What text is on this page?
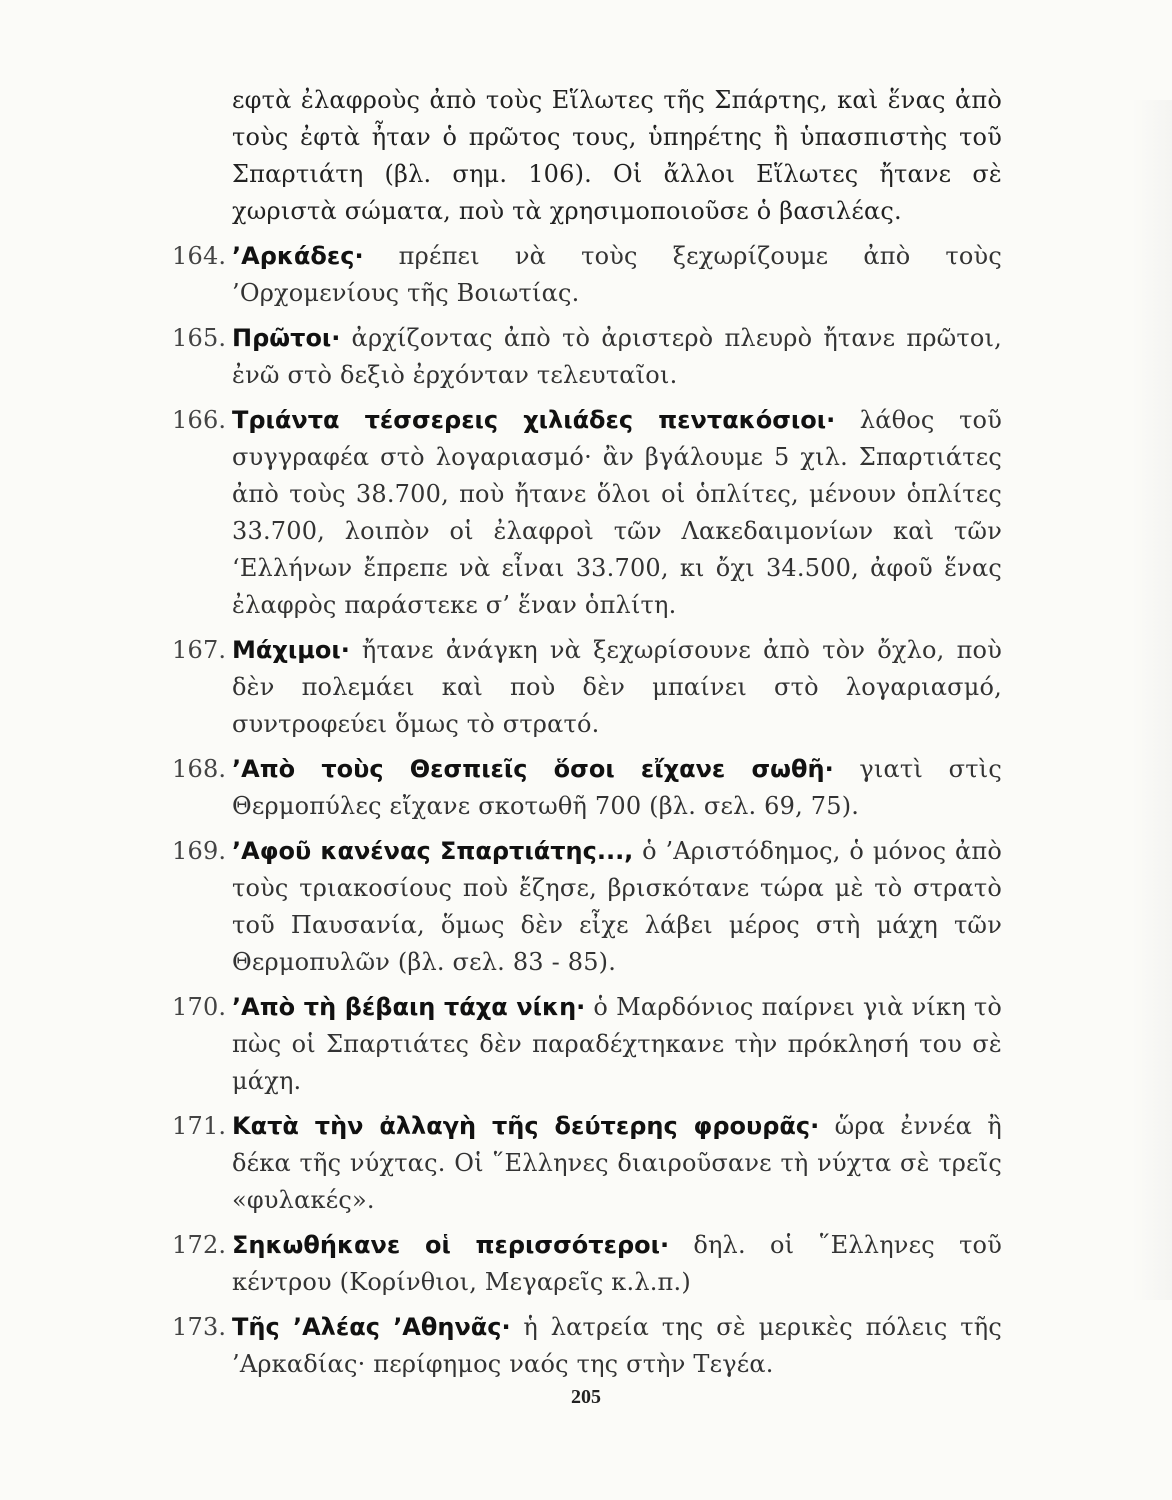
εφτὰ ἐλαφροὺς ἀπὸ τοὺς Εἵλωτες τῆς Σπάρτης, καὶ ἕνας ἀπὸ τοὺς ἐφτὰ ἦταν ὁ πρῶτος τους, ὑπηρέτης ἢ ὑπασπιστὴς τοῦ Σπαρτιάτη (βλ. σημ. 106). Οἱ ἄλλοι Εἵλωτες ἤτανε σὲ χωριστὰ σώματα, ποὺ τὰ χρησιμοποιοῦσε ὁ βασιλέας.
164. ’Αρκάδες· πρέπει νὰ τοὺς ξεχωρίζουμε ἀπὸ τοὺς ’Ορχομενίους τῆς Βοιωτίας.
165. Πρῶτοι· ἀρχίζοντας ἀπὸ τὸ ἀριστερὸ πλευρὸ ἤτανε πρῶτοι, ἐνῶ στὸ δεξιὸ ἐρχόνταν τελευταῖοι.
166. Τριάντα τέσσερεις χιλιάδες πεντακόσιοι· λάθος τοῦ συγγραφέα στὸ λογαριασμό· ἂν βγάλουμε 5 χιλ. Σπαρτιάτες ἀπὸ τοὺς 38.700, ποὺ ἤτανε ὅλοι οἱ ὁπλίτες, μένουν ὁπλίτες 33.700, λοιπὸν οἱ ἐλαφροὶ τῶν Λακεδαιμονίων καὶ τῶν ‘Ελλήνων ἔπρεπε νὰ εἶναι 33.700, κι ὄχι 34.500, ἀφοῦ ἕνας ἐλαφρὸς παράστεκε σ’ ἕναν ὁπλίτη.
167. Μάχιμοι· ἤτανε ἀνάγκη νὰ ξεχωρίσουνε ἀπὸ τὸν ὄχλο, ποὺ δὲν πολεμάει καὶ ποὺ δὲν μπαίνει στὸ λογαριασμό, συντροφεύει ὅμως τὸ στρατό.
168. ’Απὸ τοὺς Θεσπιεῖς ὅσοι εἴχανε σωθῆ· γιατὶ στὶς Θερμοπύλες εἴχανε σκοτωθῆ 700 (βλ. σελ. 69, 75).
169. ’Αφοῦ κανένας Σπαρτιάτης..., ὁ ’Αριστόδημος, ὁ μόνος ἀπὸ τοὺς τριακοσίους ποὺ ἔζησε, βρισκότανε τώρα μὲ τὸ στρατὸ τοῦ Παυσανία, ὅμως δὲν εἶχε λάβει μέρος στὴ μάχη τῶν Θερμοπυλῶν (βλ. σελ. 83 - 85).
170. ’Απὸ τὴ βέβαιη τάχα νίκη· ὁ Μαρδόνιος παίρνει γιὰ νίκη τὸ πὼς οἱ Σπαρτιάτες δὲν παραδέχτηκανε τὴν πρόκλησή του σὲ μάχη.
171. Κατὰ τὴν ἀλλαγὴ τῆς δεύτερης φρουρᾶς· ὥρα ἐννέα ἢ δέκα τῆς νύχτας. Οἱ ῞Ελληνες διαιροῦσανε τὴ νύχτα σὲ τρεῖς «φυλακές».
172. Σηκωθήκανε οἱ περισσότεροι· δηλ. οἱ ῞Ελληνες τοῦ κέντρου (Κορίνθιοι, Μεγαρεῖς κ.λ.π.)
173. Τῆς ’Αλέας ’Αθηνᾶς· ἡ λατρεία της σὲ μερικὲς πόλεις τῆς ’Αρκαδίας· περίφημος ναός της στὴν Τεγέα.
205
